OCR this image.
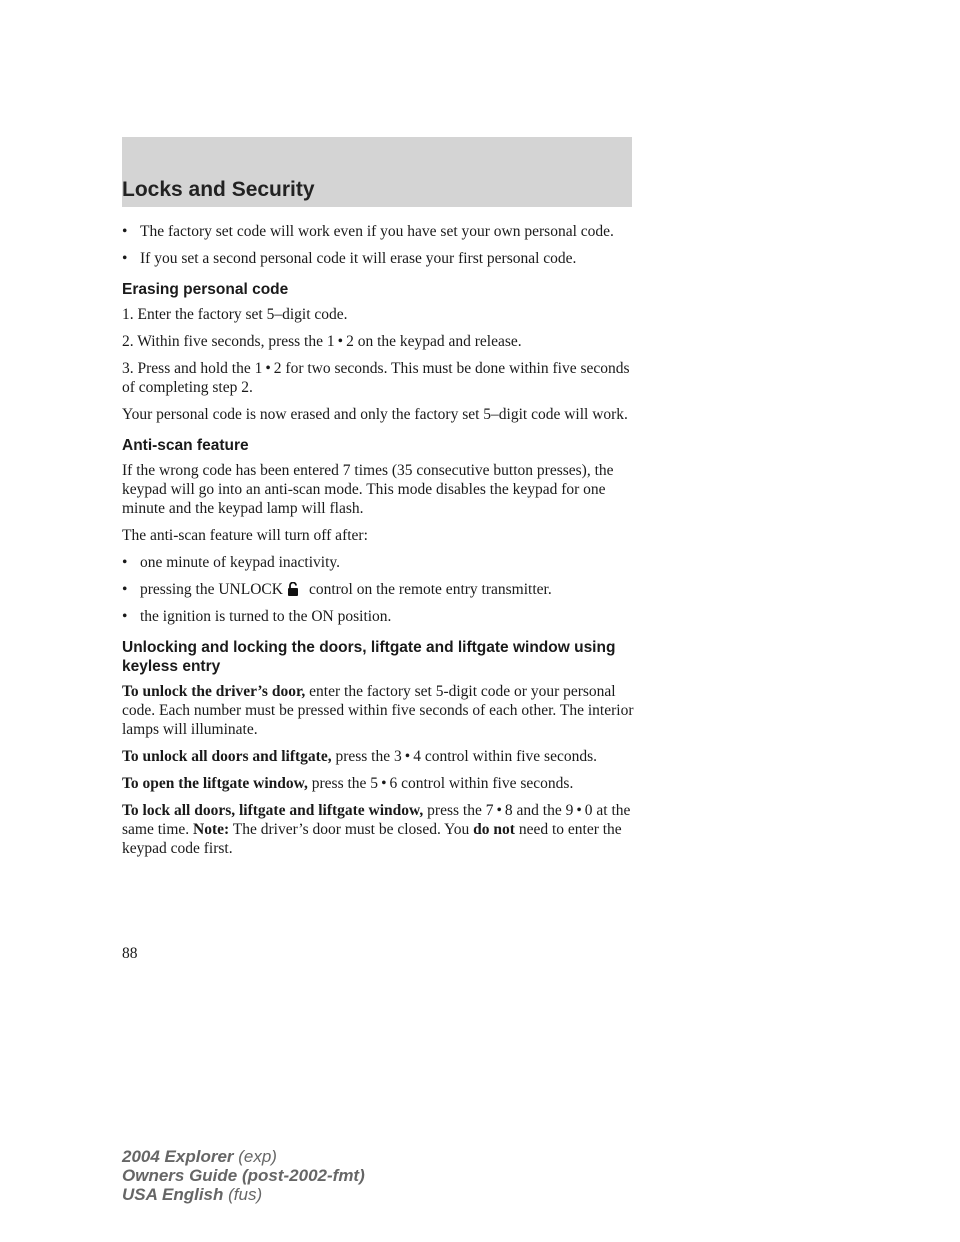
Locks and Security
• The factory set code will work even if you have set your own personal code.
• If you set a second personal code it will erase your first personal code.
Erasing personal code

1. Enter the factory set 5–digit code.

2. Within five seconds, press the 1 • 2 on the keypad and release.

3. Press and hold the 1 • 2 for two seconds. This must be done within five seconds of completing step 2.

Your personal code is now erased and only the factory set 5–digit code will work.

Anti-scan feature

If the wrong code has been entered 7 times (35 consecutive button presses), the keypad will go into an anti-scan mode. This mode disables the keypad for one minute and the keypad lamp will flash.

The anti-scan feature will turn off after:

• one minute of keypad inactivity.
• pressing the UNLOCK control on the remote entry transmitter.
• the ignition is turned to the ON position.
Unlocking and locking the doors, liftgate and liftgate window using keyless entry

To unlock the driver’s door, enter the factory set 5-digit code or your personal code. Each number must be pressed within five seconds of each other. The interior lamps will illuminate.

To unlock all doors and liftgate, press the 3 • 4 control within five seconds.

To open the liftgate window, press the 5 • 6 control within five seconds.

To lock all doors, liftgate and liftgate window, press the 7 • 8 and the 9 • 0 at the same time. Note: The driver’s door must be closed. You do not need to enter the keypad code first.

88
2004 Explorer (exp)
Owners Guide (post-2002-fmt)
USA English (fus)
